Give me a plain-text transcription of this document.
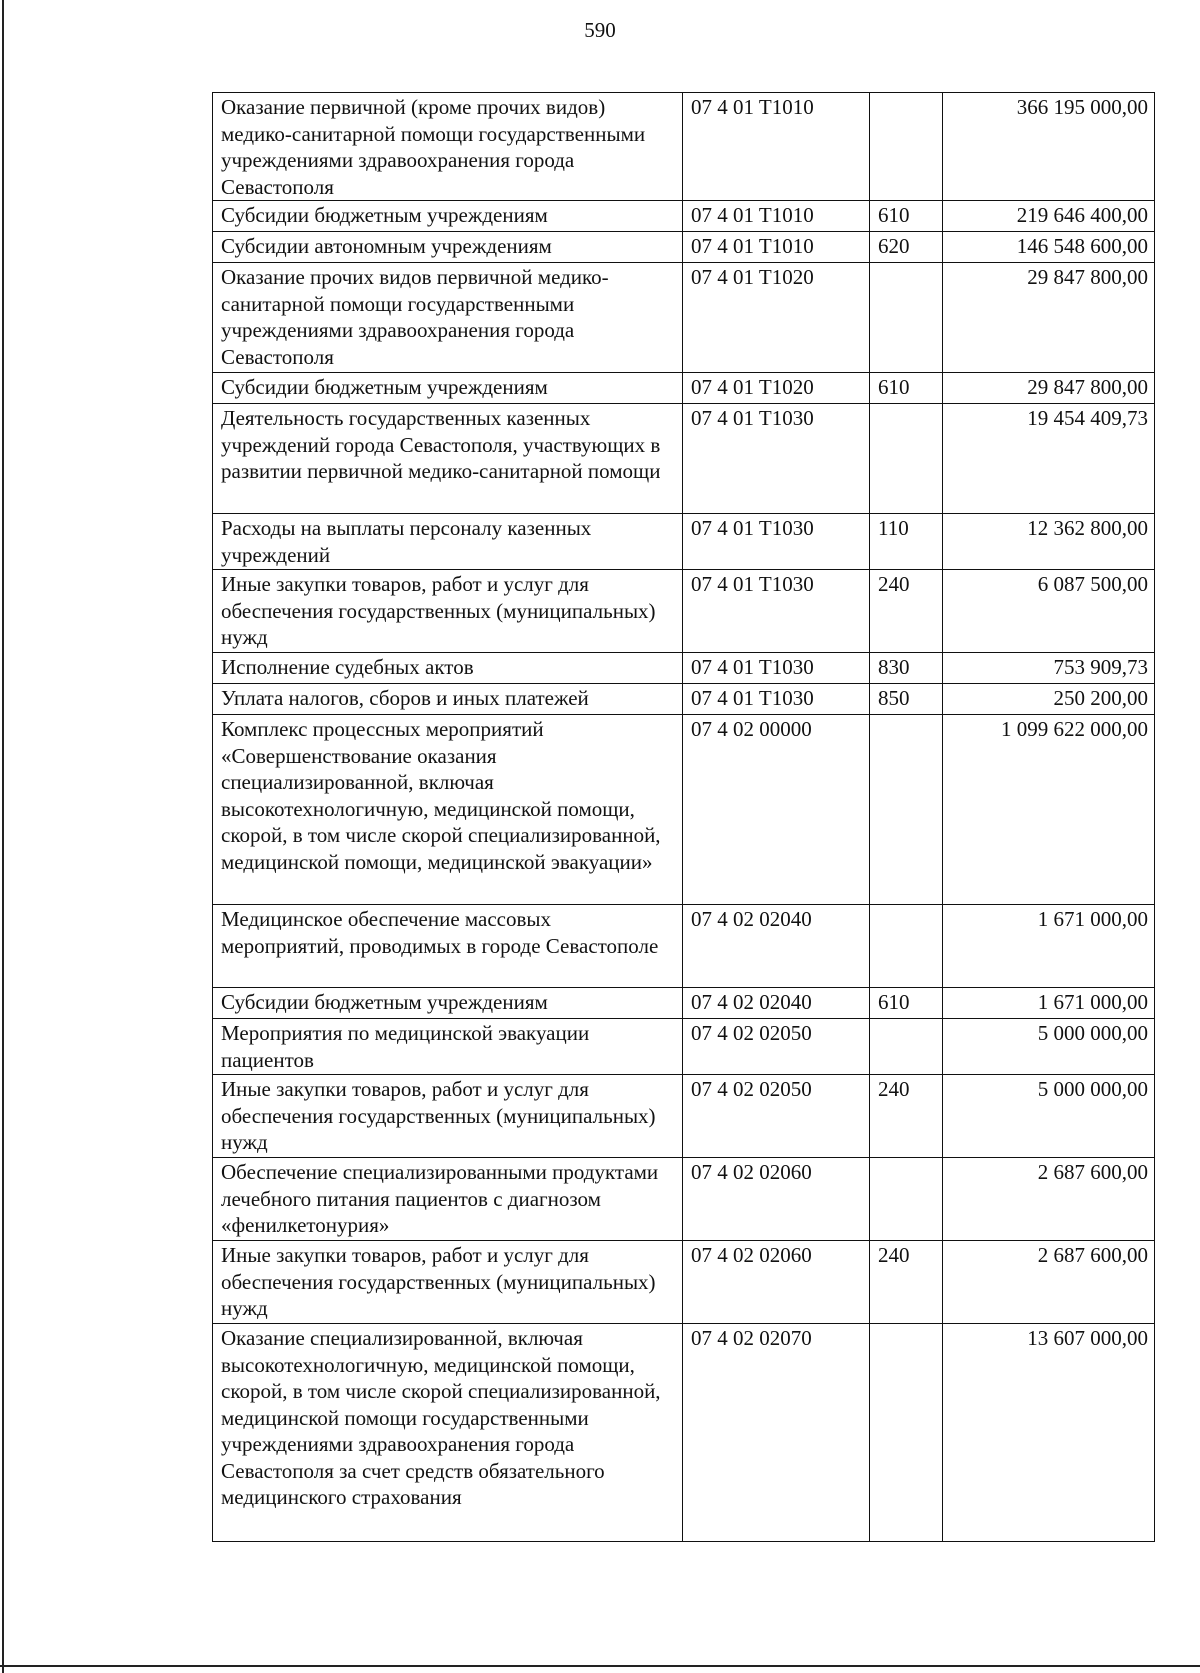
590
Оказание первичной (кроме прочих видов) медико-санитарной помощи государственными учреждениями здравоохранения города Севастополя	07 4 01 T1010		366 195 000,00
Субсидии бюджетным учреждениям	07 4 01 T1010	610	219 646 400,00
Субсидии автономным учреждениям	07 4 01 T1010	620	146 548 600,00
Оказание прочих видов первичной медико-санитарной помощи государственными учреждениями здравоохранения города Севастополя	07 4 01 T1020		29 847 800,00
Субсидии бюджетным учреждениям	07 4 01 T1020	610	29 847 800,00
Деятельность государственных казенных учреждений города Севастополя, участвующих в развитии первичной медико-санитарной помощи	07 4 01 T1030		19 454 409,73
Расходы на выплаты персоналу казенных учреждений	07 4 01 T1030	110	12 362 800,00
Иные закупки товаров, работ и услуг для обеспечения государственных (муниципальных) нужд	07 4 01 T1030	240	6 087 500,00
Исполнение судебных актов	07 4 01 T1030	830	753 909,73
Уплата налогов, сборов и иных платежей	07 4 01 T1030	850	250 200,00
Комплекс процессных мероприятий «Совершенствование оказания специализированной, включая высокотехнологичную, медицинской помощи, скорой, в том числе скорой специализированной, медицинской помощи, медицинской эвакуации»	07 4 02 00000		1 099 622 000,00
Медицинское обеспечение массовых мероприятий, проводимых в городе Севастополе	07 4 02 02040		1 671 000,00
Субсидии бюджетным учреждениям	07 4 02 02040	610	1 671 000,00
Мероприятия по медицинской эвакуации пациентов	07 4 02 02050		5 000 000,00
Иные закупки товаров, работ и услуг для обеспечения государственных (муниципальных) нужд	07 4 02 02050	240	5 000 000,00
Обеспечение специализированными продуктами лечебного питания пациентов с диагнозом «фенилкетонурия»	07 4 02 02060		2 687 600,00
Иные закупки товаров, работ и услуг для обеспечения государственных (муниципальных) нужд	07 4 02 02060	240	2 687 600,00
Оказание специализированной, включая высокотехнологичную, медицинской помощи, скорой, в том числе скорой специализированной, медицинской помощи государственными учреждениями здравоохранения города Севастополя за счет средств обязательного медицинского страхования	07 4 02 02070		13 607 000,00
